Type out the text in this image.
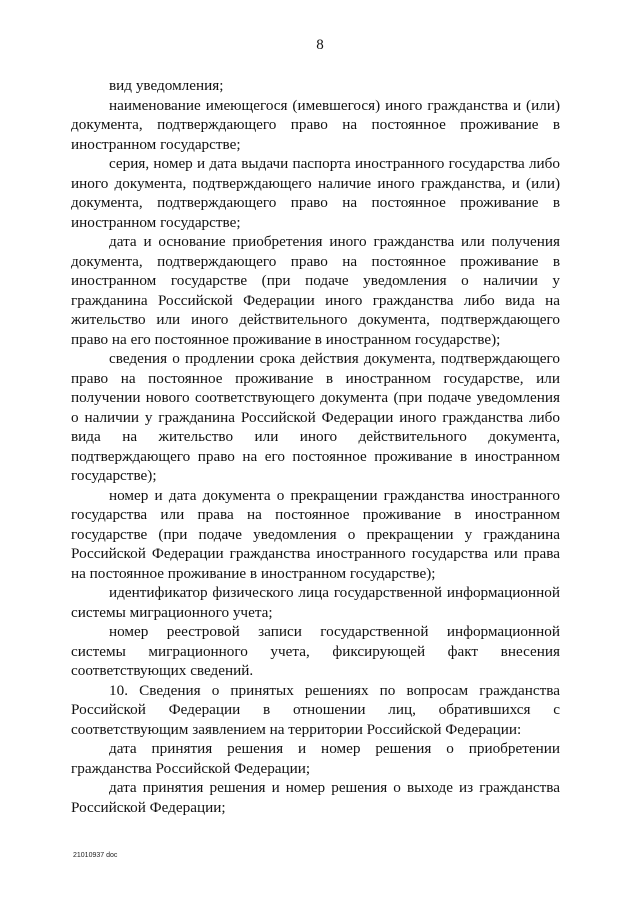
8

вид уведомления;

наименование имеющегося (имевшегося) иного гражданства и (или) документа, подтверждающего право на постоянное проживание в иностранном государстве;

серия, номер и дата выдачи паспорта иностранного государства либо иного документа, подтверждающего наличие иного гражданства, и (или) документа, подтверждающего право на постоянное проживание в иностранном государстве;

дата и основание приобретения иного гражданства или получения документа, подтверждающего право на постоянное проживание в иностранном государстве (при подаче уведомления о наличии у гражданина Российской Федерации иного гражданства либо вида на жительство или иного действительного документа, подтверждающего право на его постоянное проживание в иностранном государстве);

сведения о продлении срока действия документа, подтверждающего право на постоянное проживание в иностранном государстве, или получении нового соответствующего документа (при подаче уведомления о наличии у гражданина Российской Федерации иного гражданства либо вида на жительство или иного действительного документа, подтверждающего право на его постоянное проживание в иностранном государстве);

номер и дата документа о прекращении гражданства иностранного государства или права на постоянное проживание в иностранном государстве (при подаче уведомления о прекращении у гражданина Российской Федерации гражданства иностранного государства или права на постоянное проживание в иностранном государстве);

идентификатор физического лица государственной информационной системы миграционного учета;

номер реестровой записи государственной информационной системы миграционного учета, фиксирующей факт внесения соответствующих сведений.

10. Сведения о принятых решениях по вопросам гражданства Российской Федерации в отношении лиц, обратившихся с соответствующим заявлением на территории Российской Федерации:

дата принятия решения и номер решения о приобретении гражданства Российской Федерации;

дата принятия решения и номер решения о выходе из гражданства Российской Федерации;

21010937 doc
